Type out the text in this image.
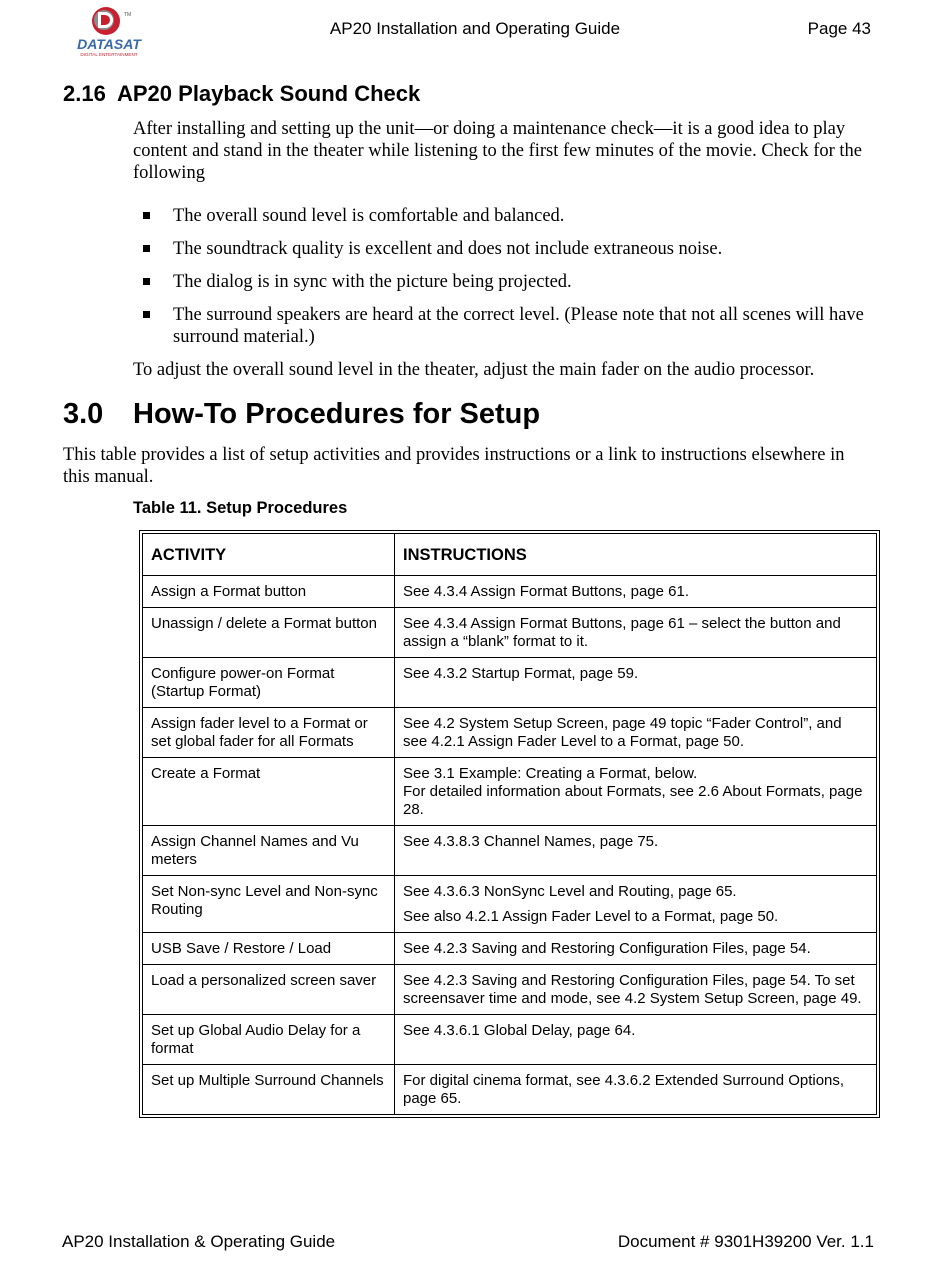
TM
DATASAT
DIGITAL ENTERTAINMENT
AP20 Installation and Operating Guide	Page 43
2.16 AP20 Playback Sound Check

After installing and setting up the unit—or doing a maintenance check—it is a good idea to play content and stand in the theater while listening to the first few minutes of the movie. Check for the following

The overall sound level is comfortable and balanced.
The soundtrack quality is excellent and does not include extraneous noise.
The dialog is in sync with the picture being projected.
The surround speakers are heard at the correct level. (Please note that not all scenes will have surround material.)

To adjust the overall sound level in the theater, adjust the main fader on the audio processor.

3.0 How-To Procedures for Setup

This table provides a list of setup activities and provides instructions or a link to instructions elsewhere in this manual.

Table 11. Setup Procedures

ACTIVITY	INSTRUCTIONS
Assign a Format button	See 4.3.4 Assign Format Buttons, page 61.

Unassign / delete a Format button	See 4.3.4 Assign Format Buttons, page 61 – select the button and assign a “blank” format to it.

Configure power-on Format (Startup Format)	See 4.3.2 Startup Format, page 59.

Assign fader level to a Format or set global fader for all Formats	See 4.2 System Setup Screen, page 49 topic “Fader Control”, and see 4.2.1 Assign Fader Level to a Format, page 50.

Create a Format	See 3.1 Example: Creating a Format, below.
For detailed information about Formats, see 2.6 About Formats, page 28.

Assign Channel Names and Vu meters	See 4.3.8.3 Channel Names, page 75.

Set Non-sync Level and Non-sync Routing	See 4.3.6.3 NonSync Level and Routing, page 65.
See also 4.2.1 Assign Fader Level to a Format, page 50.

USB Save / Restore / Load	See 4.2.3 Saving and Restoring Configuration Files, page 54.

Load a personalized screen saver	See 4.2.3 Saving and Restoring Configuration Files, page 54. To set screensaver time and mode, see 4.2 System Setup Screen, page 49.

Set up Global Audio Delay for a format	See 4.3.6.1 Global Delay, page 64.

Set up Multiple Surround Channels	For digital cinema format, see 4.3.6.2 Extended Surround Options, page 65.
AP20 Installation & Operating Guide	Document # 9301H39200 Ver. 1.1
